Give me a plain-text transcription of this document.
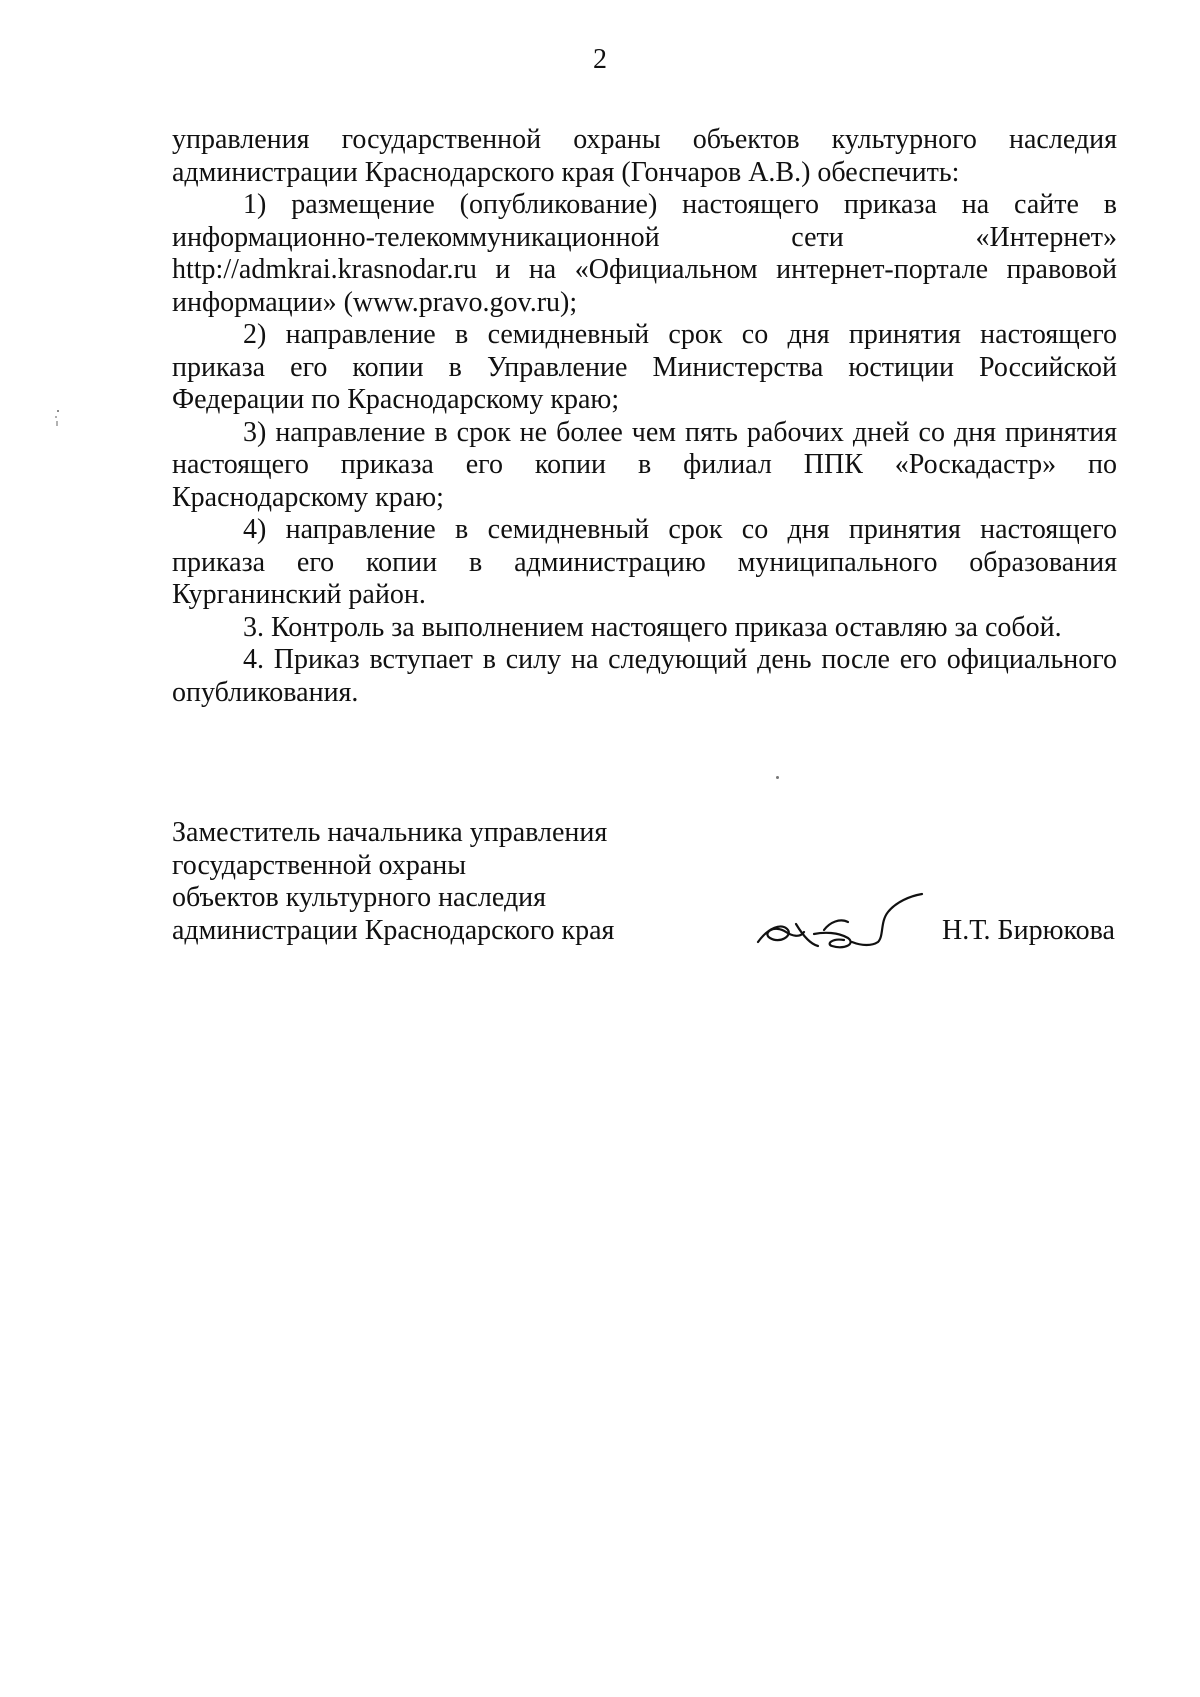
2

управления государственной охраны объектов культурного наследия администрации Краснодарского края (Гончаров А.В.) обеспечить:

1) размещение (опубликование) настоящего приказа на сайте в информационно-телекоммуникационной сети «Интернет» http://admkrai.krasnodar.ru и на «Официальном интернет-портале правовой информации» (www.pravo.gov.ru);

2) направление в семидневный срок со дня принятия настоящего приказа его копии в Управление Министерства юстиции Российской Федерации по Краснодарскому краю;

3) направление в срок не более чем пять рабочих дней со дня принятия настоящего приказа его копии в филиал ППК «Роскадастр» по Краснодарскому краю;

4) направление в семидневный срок со дня принятия настоящего приказа его копии в администрацию муниципального образования Курганинский район.

3. Контроль за выполнением настоящего приказа оставляю за собой.

4. Приказ вступает в силу на следующий день после его официального опубликования.

Заместитель начальника управления
государственной охраны
объектов культурного наследия
администрации Краснодарского края	Н.Т. Бирюкова
